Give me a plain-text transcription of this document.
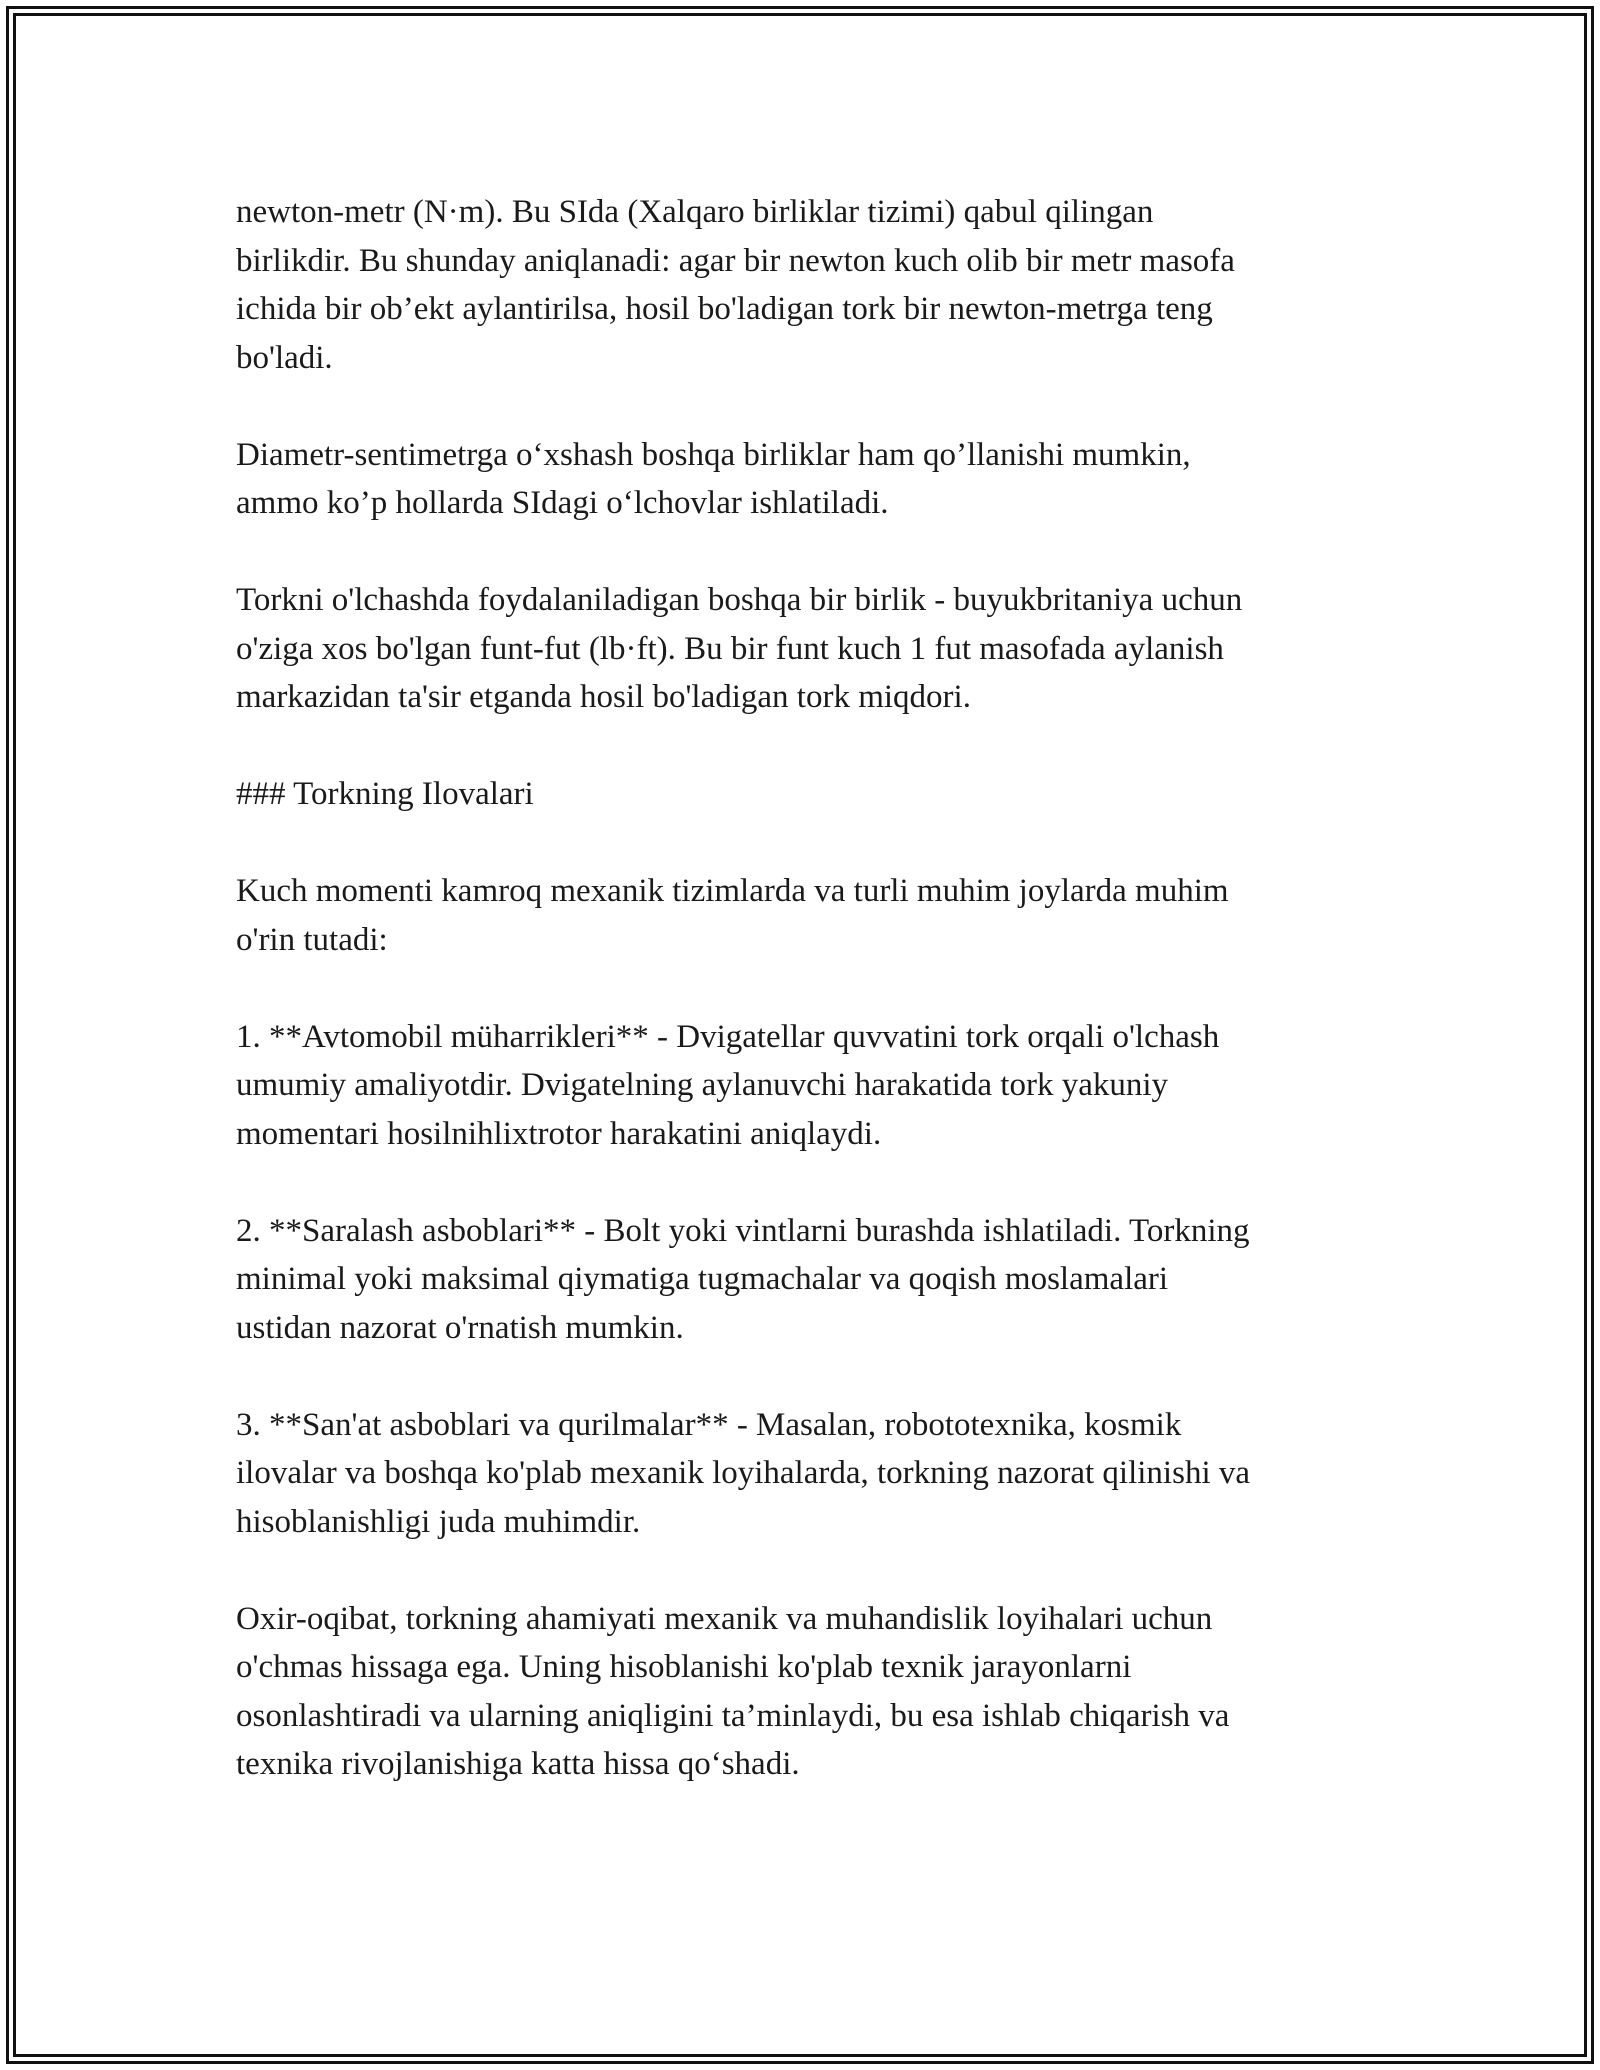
newton-metr (N·m). Bu SIda (Xalqaro birliklar tizimi) qabul qilingan
birlikdir. Bu shunday aniqlanadi: agar bir newton kuch olib bir metr masofa
ichida bir ob’ekt aylantirilsa, hosil bo'ladigan tork bir newton-metrga teng
bo'ladi.

Diametr-sentimetrga o‘xshash boshqa birliklar ham qo’llanishi mumkin,
ammo ko’p hollarda SIdagi o‘lchovlar ishlatiladi.

Torkni o'lchashda foydalaniladigan boshqa bir birlik - buyukbritaniya uchun
o'ziga xos bo'lgan funt-fut (lb·ft). Bu bir funt kuch 1 fut masofada aylanish
markazidan ta'sir etganda hosil bo'ladigan tork miqdori.

### Torkning Ilovalari

Kuch momenti kamroq mexanik tizimlarda va turli muhim joylarda muhim
o'rin tutadi:

1. **Avtomobil müharrikleri** - Dvigatellar quvvatini tork orqali o'lchash
umumiy amaliyotdir. Dvigatelning aylanuvchi harakatida tork yakuniy
momentari hosilnihlixtrotor harakatini aniqlaydi.

2. **Saralash asboblari** - Bolt yoki vintlarni burashda ishlatiladi. Torkning
minimal yoki maksimal qiymatiga tugmachalar va qoqish moslamalari
ustidan nazorat o'rnatish mumkin.

3. **San'at asboblari va qurilmalar** - Masalan, robototexnika, kosmik
ilovalar va boshqa ko'plab mexanik loyihalarda, torkning nazorat qilinishi va
hisoblanishligi juda muhimdir.

Oxir-oqibat, torkning ahamiyati mexanik va muhandislik loyihalari uchun
o'chmas hissaga ega. Uning hisoblanishi ko'plab texnik jarayonlarni
osonlashtiradi va ularning aniqligini ta’minlaydi, bu esa ishlab chiqarish va
texnika rivojlanishiga katta hissa qo‘shadi.
